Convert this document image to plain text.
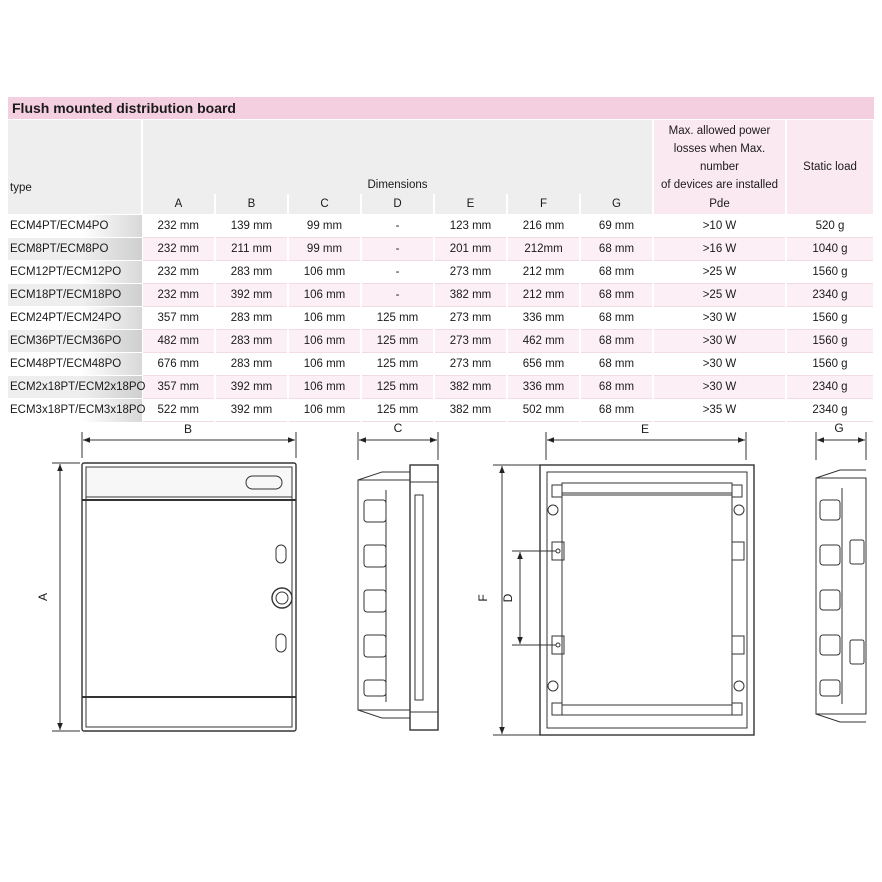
Flush mounted distribution board									
type	Dimensions							Max. allowed power
losses when Max. number
of devices are installed	Static load
	A	B	C	D	E	F	G	Pde	
ECM4PT/ECM4PO	232 mm	139 mm	99 mm	-	123 mm	216 mm	69 mm	>10 W	520 g
ECM8PT/ECM8PO	232 mm	211 mm	99 mm	-	201 mm	212mm	68 mm	>16 W	1040 g
ECM12PT/ECM12PO	232 mm	283 mm	106 mm	-	273 mm	212 mm	68 mm	>25 W	1560 g
ECM18PT/ECM18PO	232 mm	392 mm	106 mm	-	382 mm	212 mm	68 mm	>25 W	2340 g
ECM24PT/ECM24PO	357 mm	283 mm	106 mm	125 mm	273 mm	336 mm	68 mm	>30 W	1560 g
ECM36PT/ECM36PO	482 mm	283 mm	106 mm	125 mm	273 mm	462 mm	68 mm	>30 W	1560 g
ECM48PT/ECM48PO	676 mm	283 mm	106 mm	125 mm	273 mm	656 mm	68 mm	>30 W	1560 g
ECM2x18PT/ECM2x18PO	357 mm	392 mm	106 mm	125 mm	382 mm	336 mm	68 mm	>30 W	2340 g
ECM3x18PT/ECM3x18PO	522 mm	392 mm	106 mm	125 mm	382 mm	502 mm	68 mm	>35 W	2340 g
B
A
C	E
F D
G
